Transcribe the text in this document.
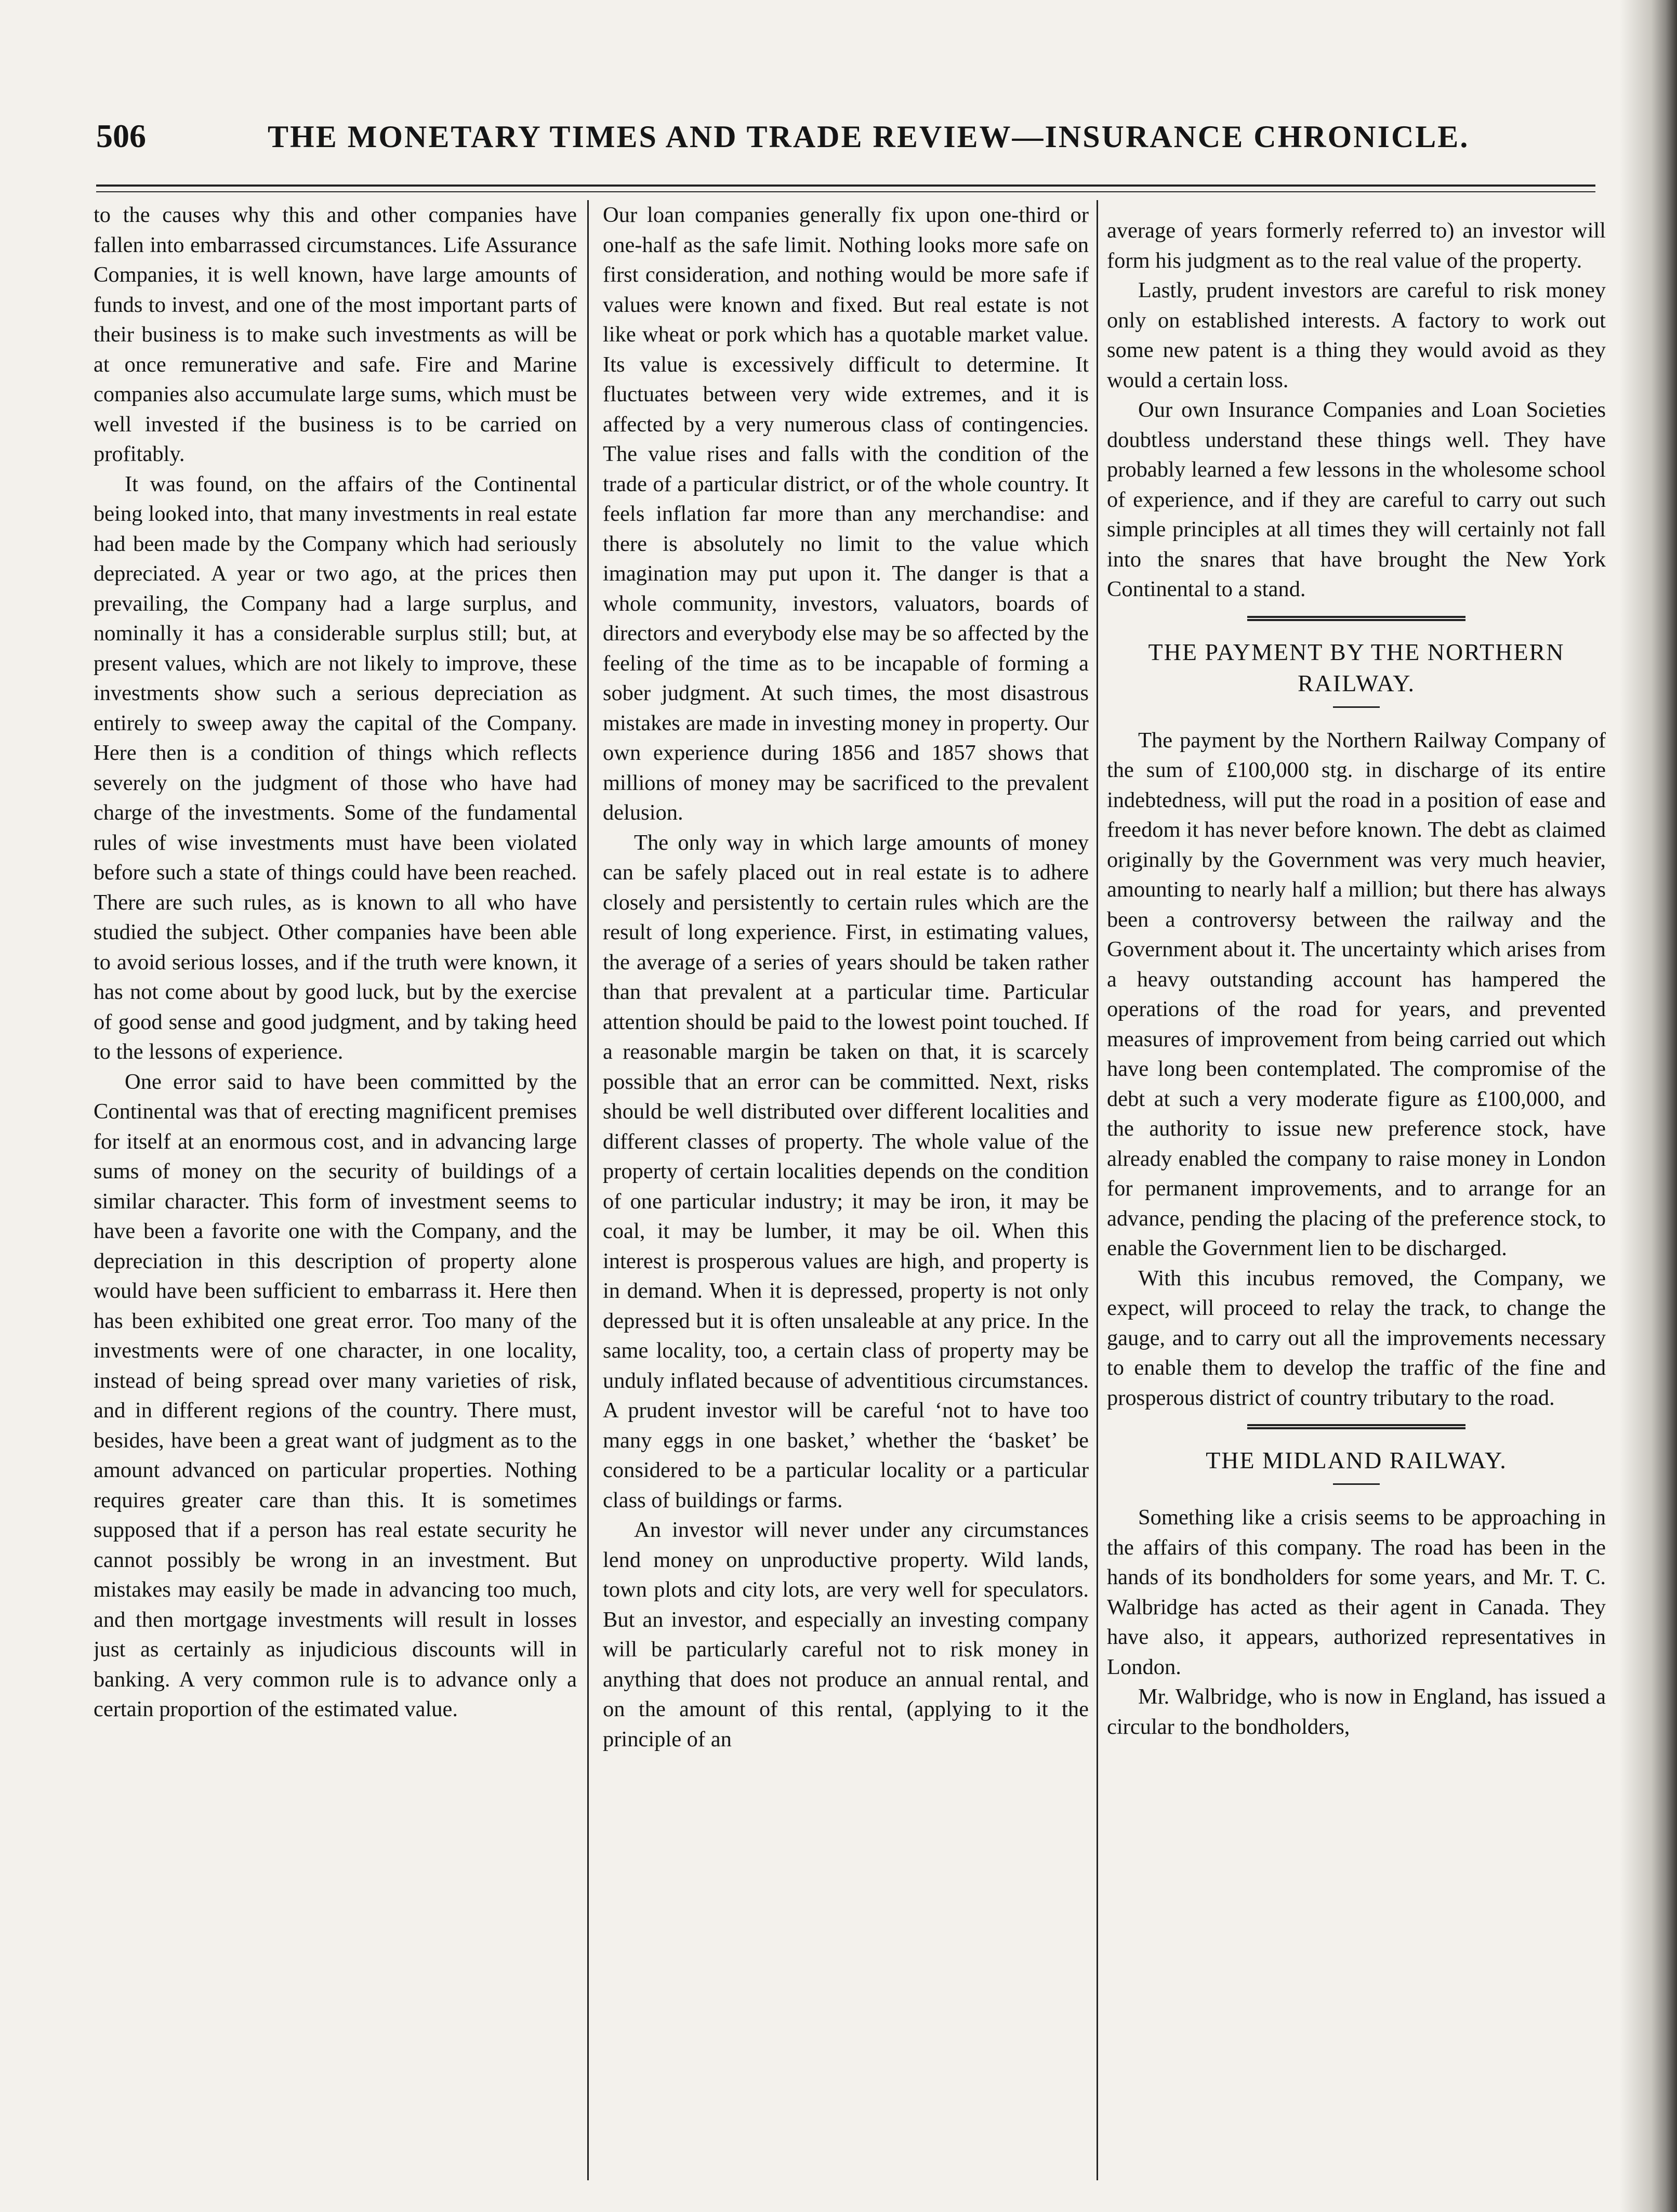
506	THE MONETARY TIMES AND TRADE REVIEW—INSURANCE CHRONICLE.

to the causes why this and other companies have fallen into embarrassed circumstances. Life Assurance Companies, it is well known, have large amounts of funds to invest, and one of the most important parts of their business is to make such investments as will be at once remunerative and safe. Fire and Marine companies also accumulate large sums, which must be well invested if the business is to be carried on profitably.

It was found, on the affairs of the Continental being looked into, that many investments in real estate had been made by the Company which had seriously depreciated. A year or two ago, at the prices then prevailing, the Company had a large surplus, and nominally it has a considerable surplus still; but, at present values, which are not likely to improve, these investments show such a serious depreciation as entirely to sweep away the capital of the Company. Here then is a condition of things which reflects severely on the judgment of those who have had charge of the investments. Some of the fundamental rules of wise investments must have been violated before such a state of things could have been reached. There are such rules, as is known to all who have studied the subject. Other companies have been able to avoid serious losses, and if the truth were known, it has not come about by good luck, but by the exercise of good sense and good judgment, and by taking heed to the lessons of experience.

One error said to have been committed by the Continental was that of erecting magnificent premises for itself at an enormous cost, and in advancing large sums of money on the security of buildings of a similar character. This form of investment seems to have been a favorite one with the Company, and the depreciation in this description of property alone would have been sufficient to embarrass it. Here then has been exhibited one great error. Too many of the investments were of one character, in one locality, instead of being spread over many varieties of risk, and in different regions of the country. There must, besides, have been a great want of judgment as to the amount advanced on particular properties. Nothing requires greater care than this. It is sometimes supposed that if a person has real estate security he cannot possibly be wrong in an investment. But mistakes may easily be made in advancing too much, and then mortgage investments will result in losses just as certainly as injudicious discounts will in banking. A very common rule is to advance only a certain proportion of the estimated value.

Our loan companies generally fix upon one-third or one-half as the safe limit. Nothing looks more safe on first consideration, and nothing would be more safe if values were known and fixed. But real estate is not like wheat or pork which has a quotable market value. Its value is excessively difficult to determine. It fluctuates between very wide extremes, and it is affected by a very numerous class of contingencies. The value rises and falls with the condition of the trade of a particular district, or of the whole country. It feels inflation far more than any merchandise: and there is absolutely no limit to the value which imagination may put upon it. The danger is that a whole community, investors, valuators, boards of directors and everybody else may be so affected by the feeling of the time as to be incapable of forming a sober judgment. At such times, the most disastrous mistakes are made in investing money in property. Our own experience during 1856 and 1857 shows that millions of money may be sacrificed to the prevalent delusion.

The only way in which large amounts of money can be safely placed out in real estate is to adhere closely and persistently to certain rules which are the result of long experience. First, in estimating values, the average of a series of years should be taken rather than that prevalent at a particular time. Particular attention should be paid to the lowest point touched. If a reasonable margin be taken on that, it is scarcely possible that an error can be committed. Next, risks should be well distributed over different localities and different classes of property. The whole value of the property of certain localities depends on the condition of one particular industry; it may be iron, it may be coal, it may be lumber, it may be oil. When this interest is prosperous values are high, and property is in demand. When it is depressed, property is not only depressed but it is often unsaleable at any price. In the same locality, too, a certain class of property may be unduly inflated because of adventitious circumstances. A prudent investor will be careful ‘not to have too many eggs in one basket,’ whether the ‘basket’ be considered to be a particular locality or a particular class of buildings or farms.

An investor will never under any circumstances lend money on unproductive property. Wild lands, town plots and city lots, are very well for speculators. But an investor, and especially an investing company will be particularly careful not to risk money in anything that does not produce an annual rental, and on the amount of this rental, (applying to it the principle of an

average of years formerly referred to) an investor will form his judgment as to the real value of the property.

Lastly, prudent investors are careful to risk money only on established interests. A factory to work out some new patent is a thing they would avoid as they would a certain loss.

Our own Insurance Companies and Loan Societies doubtless understand these things well. They have probably learned a few lessons in the wholesome school of experience, and if they are careful to carry out such simple principles at all times they will certainly not fall into the snares that have brought the New York Continental to a stand.

THE PAYMENT BY THE NORTHERN RAILWAY.

The payment by the Northern Railway Company of the sum of £100,000 stg. in discharge of its entire indebtedness, will put the road in a position of ease and freedom it has never before known. The debt as claimed originally by the Government was very much heavier, amounting to nearly half a million; but there has always been a controversy between the railway and the Government about it. The uncertainty which arises from a heavy outstanding account has hampered the operations of the road for years, and prevented measures of improvement from being carried out which have long been contemplated. The compromise of the debt at such a very moderate figure as £100,000, and the authority to issue new preference stock, have already enabled the company to raise money in London for permanent improvements, and to arrange for an advance, pending the placing of the preference stock, to enable the Government lien to be discharged.

With this incubus removed, the Company, we expect, will proceed to relay the track, to change the gauge, and to carry out all the improvements necessary to enable them to develop the traffic of the fine and prosperous district of country tributary to the road.

THE MIDLAND RAILWAY.

Something like a crisis seems to be approaching in the affairs of this company. The road has been in the hands of its bondholders for some years, and Mr. T. C. Walbridge has acted as their agent in Canada. They have also, it appears, authorized representatives in London.

Mr. Walbridge, who is now in England, has issued a circular to the bondholders,
